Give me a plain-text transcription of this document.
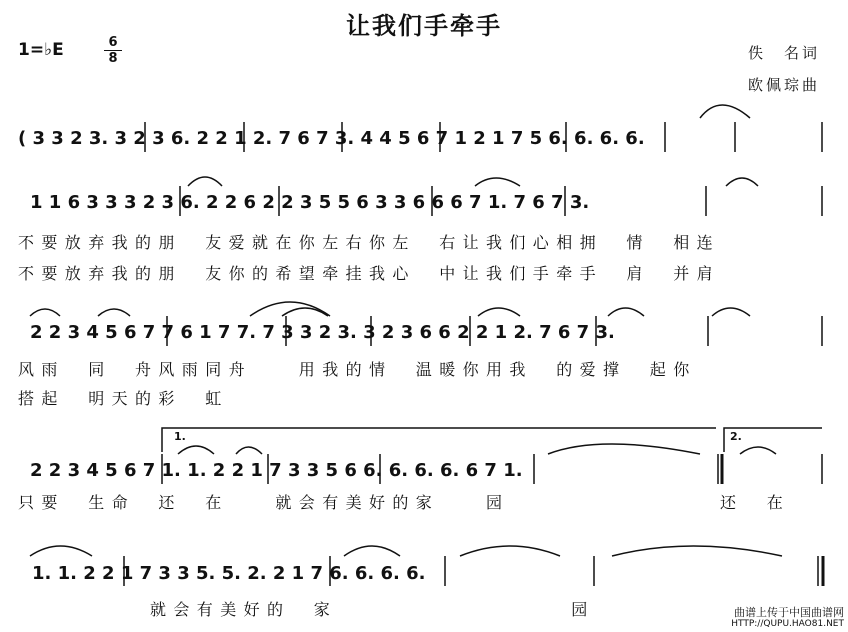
让我们手牵手
1=♭E	6
8	佚　名词
欧佩琮曲
( 3 3 2 3. 3 2 3 6. 2 2 1 2. 7 6 7 3. 4 4 5 6 7 1 2 1 7 5 6. 6. 6. 6.
1 1 6 3 3 3 2 3 6. 2 2 6 2 2 3 5 5 6 3 3 6 6 6 7 1. 7 6 7 3.
不要放弃我的朋　友爱就在你左右你左　右让我们心相拥　情　相连
不要放弃我的朋　友你的希望牵挂我心　中让我们手牵手　肩　并肩
2 2 3 4 5 6 7 7 6 1 7 7. 7 3 3 2 3. 3 2 3 6 6 2 2 1 2. 7 6 7 3.
风雨　同　舟风雨同舟　　用我的情　温暖你用我　的爱撑　起你
搭起　明天的彩　虹
2 2 3 4 5 6 7 1. 1. 2 2 1 7 3 3 5 6 6. 6. 6. 6. 6 7 1.
只要　生命　还　在　　就会有美好的家　　园　　　　　　　　　还　在
1.	2.
1. 1. 2 2 1 7 3 3 5. 5. 2. 2 1 7 6. 6. 6. 6.
就会有美好的　家　　　　　　　　　　园	曲谱上传于中国曲谱网
HTTP://QUPU.HAO81.NET
